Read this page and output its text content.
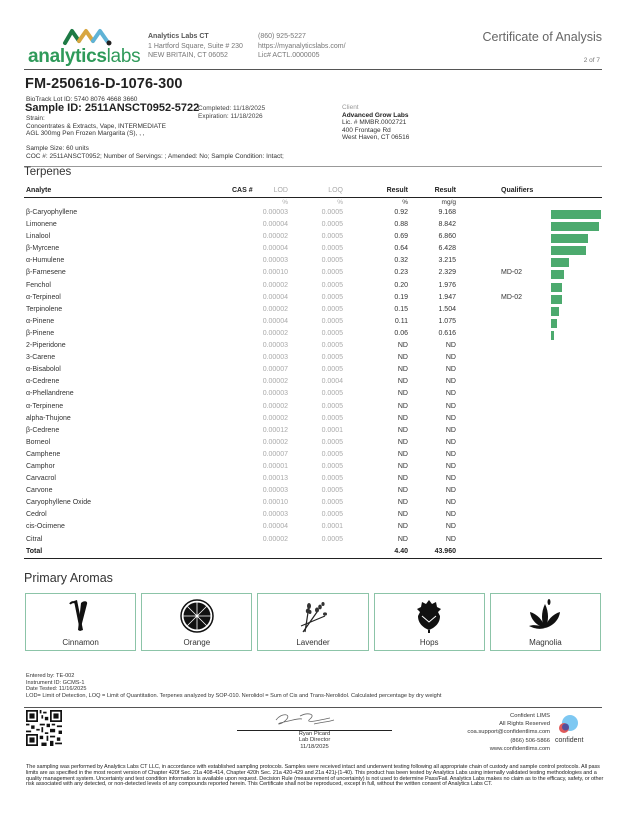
analyticslabs
Analytics Labs CT
1 Hartford Square, Suite # 230
NEW BRITAIN, CT 06052
(860) 925-5227
https://myanalyticslabs.com/
Lic# ACTL.0000005
Certificate of Analysis
2 of 7
FM-250616-D-1076-300
BioTrack Lot ID: 5740 8076 4668 3660
Sample ID: 2511ANSCT0952-5722
Completed: 11/18/2025
Expiration: 11/18/2026
Strain:
Concentrates & Extracts, Vape, INTERMEDIATE
AGL 300mg Pen Frozen Margarita (S), , ,
Client
Advanced Grow Labs
Lic. # MMBR.0002721
400 Frontage Rd
West Haven, CT 06516
Sample Size: 60 units
COC #: 2511ANSCT0952; Number of Servings: ; Amended: No; Sample Condition: Intact;
Terpenes
Analyte	CAS #	LOD	LOQ	Result	Result	Qualifiers
%	%	%	mg/g
β-Caryophyllene	0.00003	0.0005	0.92	9.168
Limonene	0.00004	0.0005	0.88	8.842
Linalool	0.00002	0.0005	0.69	6.860
β-Myrcene	0.00004	0.0005	0.64	6.428
α-Humulene	0.00003	0.0005	0.32	3.215
β-Farnesene	0.00010	0.0005	0.23	2.329	MD-02
Fenchol	0.00002	0.0005	0.20	1.976
α-Terpineol	0.00004	0.0005	0.19	1.947	MD-02
Terpinolene	0.00002	0.0005	0.15	1.504
α-Pinene	0.00004	0.0005	0.11	1.075
β-Pinene	0.00002	0.0005	0.06	0.616
2-Piperidone	0.00003	0.0005	ND	ND
3-Carene	0.00003	0.0005	ND	ND
α-Bisabolol	0.00007	0.0005	ND	ND
α-Cedrene	0.00002	0.0004	ND	ND
α-Phellandrene	0.00003	0.0005	ND	ND
α-Terpinene	0.00002	0.0005	ND	ND
alpha-Thujone	0.00002	0.0005	ND	ND
β-Cedrene	0.00012	0.0001	ND	ND
Borneol	0.00002	0.0005	ND	ND
Camphene	0.00007	0.0005	ND	ND
Camphor	0.00001	0.0005	ND	ND
Carvacrol	0.00013	0.0005	ND	ND
Carvone	0.00003	0.0005	ND	ND
Caryophyllene Oxide	0.00010	0.0005	ND	ND
Cedrol	0.00003	0.0005	ND	ND
cis-Ocimene	0.00004	0.0001	ND	ND
Citral	0.00002	0.0005	ND	ND
Total	4.40	43.960
Primary Aromas
Cinnamon	Orange	Lavender	Hops	Magnolia
Entered by: TE-002
Instrument ID: GCMS-1
Date Tested: 11/16/2025
LOD= Limit of Detection, LOQ = Limit of Quantitation. Terpenes analyzed by SOP-010. Nerolidol = Sum of Cis and Trans-Nerolidol. Calculated percentage by dry weight
Ryan Picard
Lab Director
11/18/2025
Confident LIMS
All Rights Reserved
coa.support@confidentlims.com
(866) 506-5866
www.confidentlims.com
confident
The sampling was performed by Analytics Labs CT LLC, in accordance with established sampling protocols. Samples were received intact and underwent testing following all appropriate chain of custody and sample control protocols. All pass limits are as specified in the most recent version of Chapter 420f Sec. 21a 408-414, Chapter 420h Sec. 21a 420-429 and 21a 421j-(1-40). This product has been tested by Analytics Labs using internally validated testing methodologies and a quality management system. Uncertainty and test condition information is available upon request. Decision Rule (measurement of uncertainty) is not used to determine Pass/Fail. Analytics Labs makes no claim as to the efficacy, safety, or other risk associated with any detected, or non-detected levels of any compounds reported herein. This Certificate shall not be reproduced, except in full, without the written consent of Analytics Labs CT.
